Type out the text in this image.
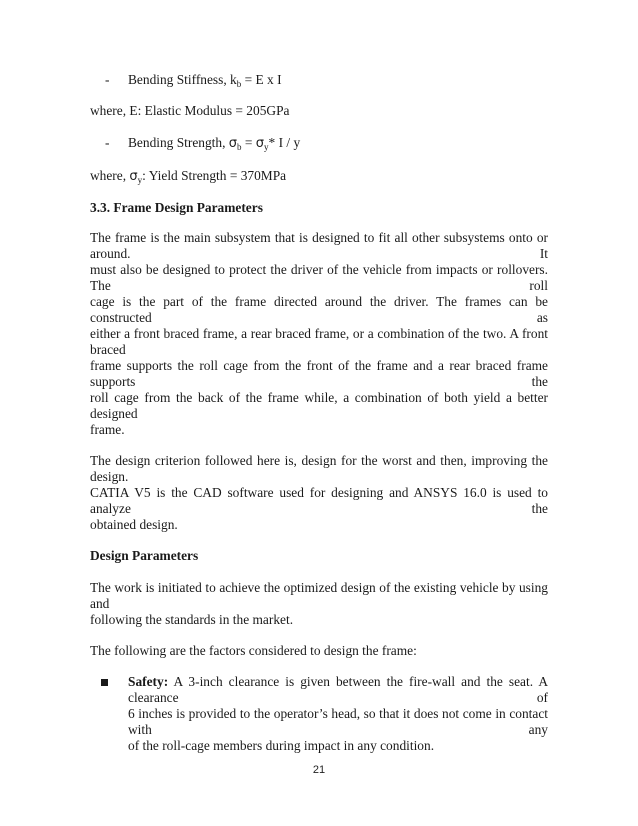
- Bending Stiffness, $k_b = E$ x I
where, E: Elastic Modulus = 205GPa
- Bending Strength, $\sigma_b = \sigma_y*$ I / y
where, $\sigma_y$: Yield Strength = 370MPa
3.3. Frame Design Parameters
The frame is the main subsystem that is designed to fit all other subsystems onto or around. It
must also be designed to protect the driver of the vehicle from impacts or rollovers. The roll
cage is the part of the frame directed around the driver. The frames can be constructed as
either a front braced frame, a rear braced frame, or a combination of the two. A front braced
frame supports the roll cage from the front of the frame and a rear braced frame supports the
roll cage from the back of the frame while, a combination of both yield a better designed
frame.
The design criterion followed here is, design for the worst and then, improving the design.
CATIA V5 is the CAD software used for designing and ANSYS 16.0 is used to analyze the
obtained design.
Design Parameters
The work is initiated to achieve the optimized design of the existing vehicle by using and
following the standards in the market.
The following are the factors considered to design the frame:
Safety: A 3-inch clearance is given between the fire-wall and the seat. A clearance of
6 inches is provided to the operator’s head, so that it does not come in contact with any
of the roll-cage members during impact in any condition.
21
